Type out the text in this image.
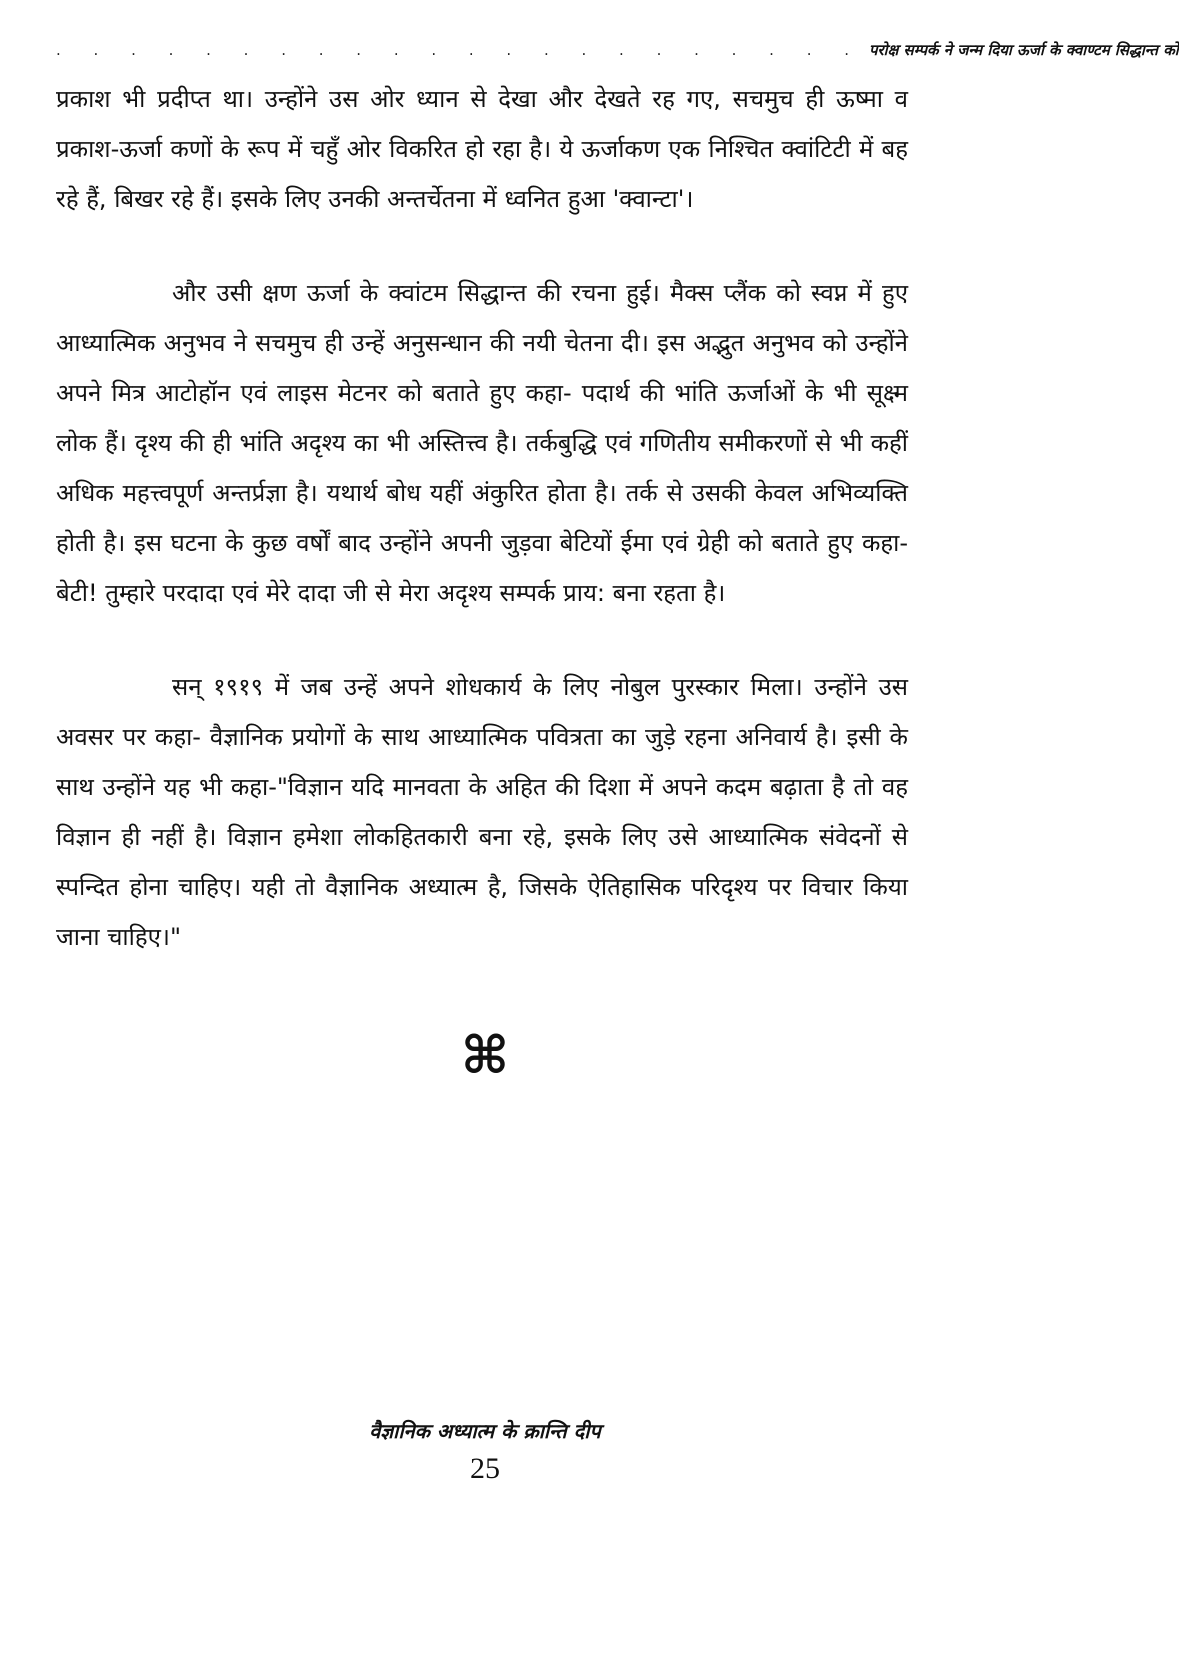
. . . . . . . . . . . . . . . . . . . . . . परोक्ष सम्पर्क ने जन्म दिया ऊर्जा के क्वाण्टम सिद्धान्त को

प्रकाश भी प्रदीप्त था। उन्होंने उस ओर ध्यान से देखा और देखते रह गए, सचमुच ही ऊष्मा व प्रकाश-ऊर्जा कणों के रूप में चहुँ ओर विकरित हो रहा है। ये ऊर्जाकण एक निश्चित क्वांटिटी में बह रहे हैं, बिखर रहे हैं। इसके लिए उनकी अन्तर्चेतना में ध्वनित हुआ 'क्वान्टा'।

और उसी क्षण ऊर्जा के क्वांटम सिद्धान्त की रचना हुई। मैक्स प्लैंक को स्वप्न में हुए आध्यात्मिक अनुभव ने सचमुच ही उन्हें अनुसन्धान की नयी चेतना दी। इस अद्भुत अनुभव को उन्होंने अपने मित्र आटोहॉन एवं लाइस मेटनर को बताते हुए कहा- पदार्थ की भांति ऊर्जाओं के भी सूक्ष्म लोक हैं। दृश्य की ही भांति अदृश्य का भी अस्तित्त्व है। तर्कबुद्धि एवं गणितीय समीकरणों से भी कहीं अधिक महत्त्वपूर्ण अन्तर्प्रज्ञा है। यथार्थ बोध यहीं अंकुरित होता है। तर्क से उसकी केवल अभिव्यक्ति होती है। इस घटना के कुछ वर्षों बाद उन्होंने अपनी जुड़वा बेटियों ईमा एवं ग्रेही को बताते हुए कहा- बेटी! तुम्हारे परदादा एवं मेरे दादा जी से मेरा अदृश्य सम्पर्क प्राय: बना रहता है।

सन् १९१९ में जब उन्हें अपने शोधकार्य के लिए नोबुल पुरस्कार मिला। उन्होंने उस अवसर पर कहा- वैज्ञानिक प्रयोगों के साथ आध्यात्मिक पवित्रता का जुड़े रहना अनिवार्य है। इसी के साथ उन्होंने यह भी कहा-"विज्ञान यदि मानवता के अहित की दिशा में अपने कदम बढ़ाता है तो वह विज्ञान ही नहीं है। विज्ञान हमेशा लोकहितकारी बना रहे, इसके लिए उसे आध्यात्मिक संवेदनों से स्पन्दित होना चाहिए। यही तो वैज्ञानिक अध्यात्म है, जिसके ऐतिहासिक परिदृश्य पर विचार किया जाना चाहिए।"

⌘
वैज्ञानिक अध्यात्म के क्रान्ति दीप
25
